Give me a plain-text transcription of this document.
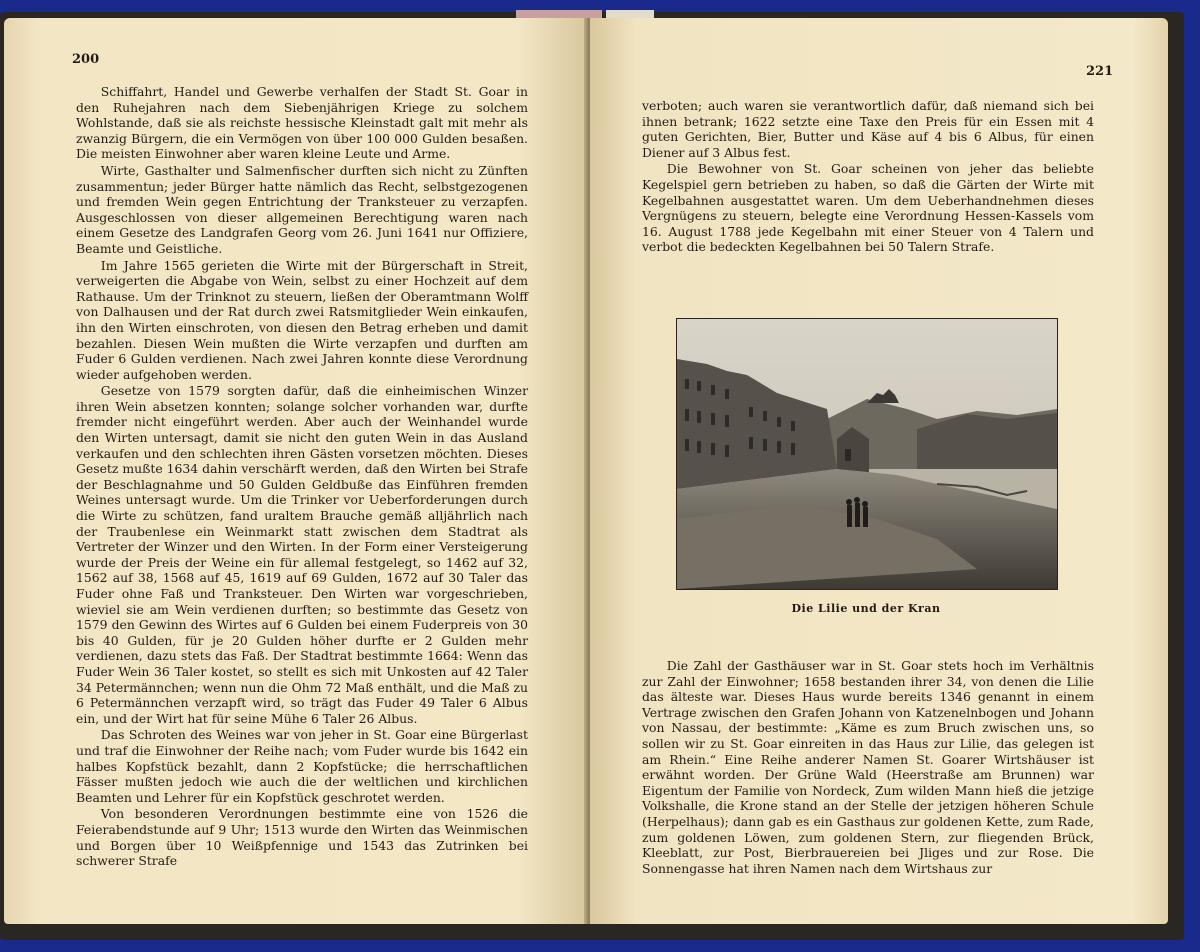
200

Schiffahrt, Handel und Gewerbe verhalfen der Stadt St. Goar in den Ruhejahren nach dem Siebenjährigen Kriege zu solchem Wohlstande, daß sie als reichste hessische Kleinstadt galt mit mehr als zwanzig Bürgern, die ein Vermögen von über 100 000 Gulden besaßen. Die meisten Einwohner aber waren kleine Leute und Arme.

Wirte, Gasthalter und Salmenfischer durften sich nicht zu Zünften zusammentun; jeder Bürger hatte nämlich das Recht, selbstgezogenen und fremden Wein gegen Entrichtung der Tranksteuer zu verzapfen. Ausgeschlossen von dieser allgemeinen Berechtigung waren nach einem Gesetze des Landgrafen Georg vom 26. Juni 1641 nur Offiziere, Beamte und Geistliche.

Im Jahre 1565 gerieten die Wirte mit der Bürgerschaft in Streit, verweigerten die Abgabe von Wein, selbst zu einer Hochzeit auf dem Rathause. Um der Trinknot zu steuern, ließen der Oberamtmann Wolff von Dalhausen und der Rat durch zwei Ratsmitglieder Wein einkaufen, ihn den Wirten einschroten, von diesen den Betrag erheben und damit bezahlen. Diesen Wein mußten die Wirte verzapfen und durften am Fuder 6 Gulden verdienen. Nach zwei Jahren konnte diese Verordnung wieder aufgehoben werden.

Gesetze von 1579 sorgten dafür, daß die einheimischen Winzer ihren Wein absetzen konnten; solange solcher vorhanden war, durfte fremder nicht eingeführt werden. Aber auch der Weinhandel wurde den Wirten untersagt, damit sie nicht den guten Wein in das Ausland verkaufen und den schlechten ihren Gästen vorsetzen möchten. Dieses Gesetz mußte 1634 dahin verschärft werden, daß den Wirten bei Strafe der Beschlagnahme und 50 Gulden Geldbuße das Einführen fremden Weines untersagt wurde. Um die Trinker vor Ueberforderungen durch die Wirte zu schützen, fand uraltem Brauche gemäß alljährlich nach der Traubenlese ein Weinmarkt statt zwischen dem Stadtrat als Vertreter der Winzer und den Wirten. In der Form einer Versteigerung wurde der Preis der Weine ein für allemal festgelegt, so 1462 auf 32, 1562 auf 38, 1568 auf 45, 1619 auf 69 Gulden, 1672 auf 30 Taler das Fuder ohne Faß und Tranksteuer. Den Wirten war vorgeschrieben, wieviel sie am Wein verdienen durften; so bestimmte das Gesetz von 1579 den Gewinn des Wirtes auf 6 Gulden bei einem Fuderpreis von 30 bis 40 Gulden, für je 20 Gulden höher durfte er 2 Gulden mehr verdienen, dazu stets das Faß. Der Stadtrat bestimmte 1664: Wenn das Fuder Wein 36 Taler kostet, so stellt es sich mit Unkosten auf 42 Taler 34 Petermännchen; wenn nun die Ohm 72 Maß enthält, und die Maß zu 6 Petermännchen verzapft wird, so trägt das Fuder 49 Taler 6 Albus ein, und der Wirt hat für seine Mühe 6 Taler 26 Albus.

Das Schroten des Weines war von jeher in St. Goar eine Bürgerlast und traf die Einwohner der Reihe nach; vom Fuder wurde bis 1642 ein halbes Kopfstück bezahlt, dann 2 Kopfstücke; die herrschaftlichen Fässer mußten jedoch wie auch die der weltlichen und kirchlichen Beamten und Lehrer für ein Kopfstück geschrotet werden.

Von besonderen Verordnungen bestimmte eine von 1526 die Feierabendstunde auf 9 Uhr; 1513 wurde den Wirten das Weinmischen und Borgen über 10 Weißpfennige und 1543 das Zutrinken bei schwerer Strafe

221

verboten; auch waren sie verantwortlich dafür, daß niemand sich bei ihnen betrank; 1622 setzte eine Taxe den Preis für ein Essen mit 4 guten Gerichten, Bier, Butter und Käse auf 4 bis 6 Albus, für einen Diener auf 3 Albus fest.

Die Bewohner von St. Goar scheinen von jeher das beliebte Kegelspiel gern betrieben zu haben, so daß die Gärten der Wirte mit Kegelbahnen ausgestattet waren. Um dem Ueberhandnehmen dieses Vergnügens zu steuern, belegte eine Verordnung Hessen-Kassels vom 16. August 1788 jede Kegelbahn mit einer Steuer von 4 Talern und verbot die bedeckten Kegelbahnen bei 50 Talern Strafe.

Die Lilie und der Kran

Die Zahl der Gasthäuser war in St. Goar stets hoch im Verhältnis zur Zahl der Einwohner; 1658 bestanden ihrer 34, von denen die Lilie das älteste war. Dieses Haus wurde bereits 1346 genannt in einem Vertrage zwischen den Grafen Johann von Katzenelnbogen und Johann von Nassau, der bestimmte: „Käme es zum Bruch zwischen uns, so sollen wir zu St. Goar einreiten in das Haus zur Lilie, das gelegen ist am Rhein.“ Eine Reihe anderer Namen St. Goarer Wirtshäuser ist erwähnt worden. Der Grüne Wald (Heerstraße am Brunnen) war Eigentum der Familie von Nordeck, Zum wilden Mann hieß die jetzige Volkshalle, die Krone stand an der Stelle der jetzigen höheren Schule (Herpelhaus); dann gab es ein Gasthaus zur goldenen Kette, zum Rade, zum goldenen Löwen, zum goldenen Stern, zur fliegenden Brück, Kleeblatt, zur Post, Bierbrauereien bei Jliges und zur Rose. Die Sonnengasse hat ihren Namen nach dem Wirtshaus zur
